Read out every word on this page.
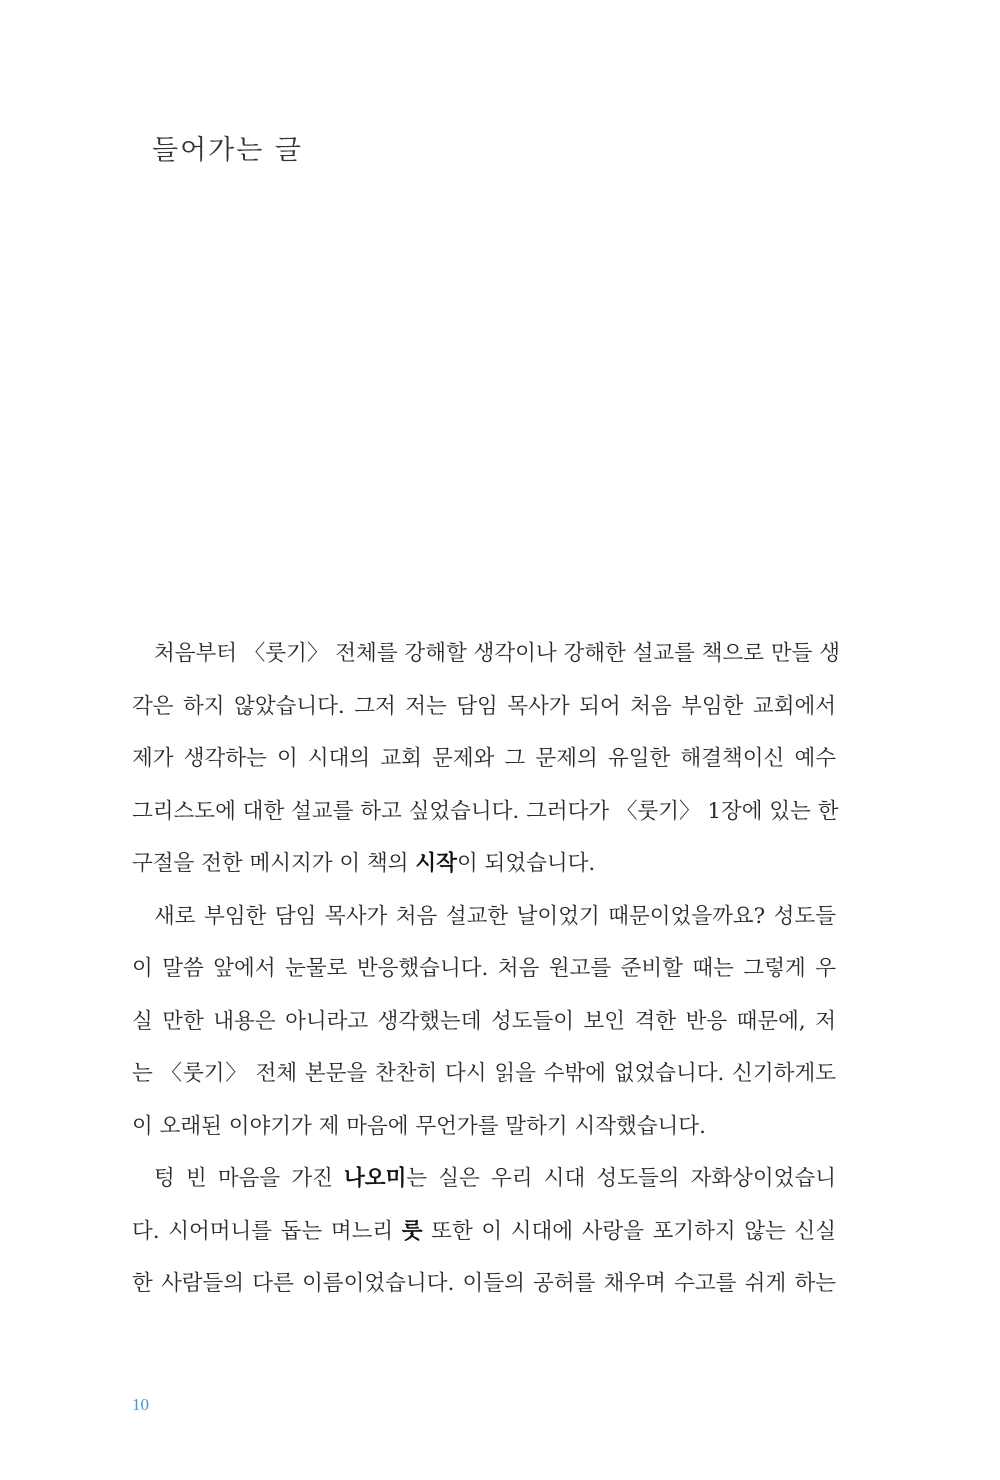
들어가는 글
처음부터 〈룻기〉 전체를 강해할 생각이나 강해한 설교를 책으로 만들 생
각은 하지 않았습니다. 그저 저는 담임 목사가 되어 처음 부임한 교회에서
제가 생각하는 이 시대의 교회 문제와 그 문제의 유일한 해결책이신 예수
그리스도에 대한 설교를 하고 싶었습니다. 그러다가 〈룻기〉 1장에 있는 한
구절을 전한 메시지가 이 책의 시작이 되었습니다.
새로 부임한 담임 목사가 처음 설교한 날이었기 때문이었을까요? 성도들
이 말씀 앞에서 눈물로 반응했습니다. 처음 원고를 준비할 때는 그렇게 우
실 만한 내용은 아니라고 생각했는데 성도들이 보인 격한 반응 때문에, 저
는 〈룻기〉 전체 본문을 찬찬히 다시 읽을 수밖에 없었습니다. 신기하게도
이 오래된 이야기가 제 마음에 무언가를 말하기 시작했습니다.
텅 빈 마음을 가진 나오미는 실은 우리 시대 성도들의 자화상이었습니
다. 시어머니를 돕는 며느리 룻 또한 이 시대에 사랑을 포기하지 않는 신실
한 사람들의 다른 이름이었습니다. 이들의 공허를 채우며 수고를 쉬게 하는
10
